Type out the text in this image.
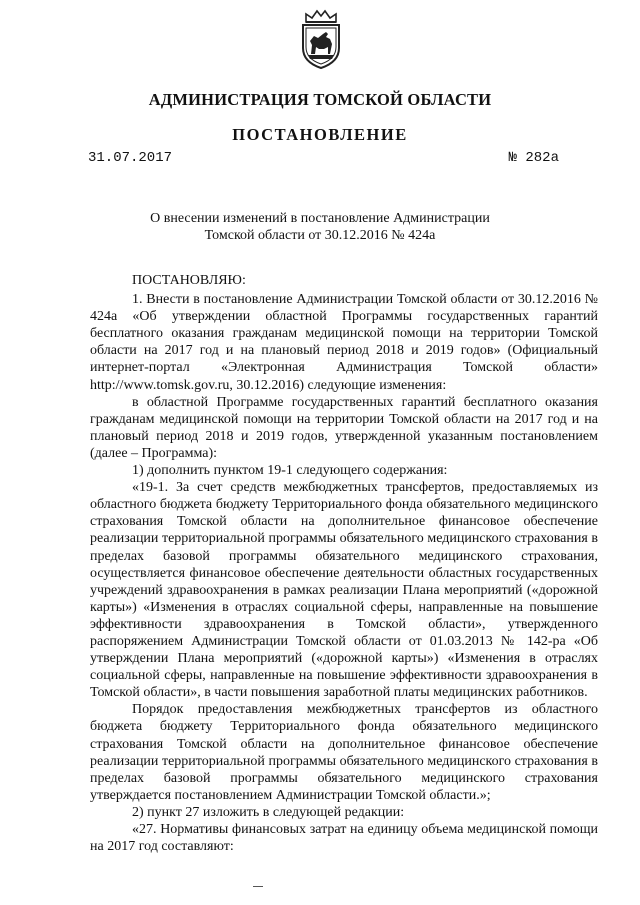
АДМИНИСТРАЦИЯ ТОМСКОЙ ОБЛАСТИ
ПОСТАНОВЛЕНИЕ
31.07.2017	№ 282а
О внесении изменений в постановление Администрации
Томской области от 30.12.2016 № 424а

ПОСТАНОВЛЯЮ:

1. Внести в постановление Администрации Томской области от 30.12.2016 № 424а «Об утверждении областной Программы государственных гарантий бесплатного оказания гражданам медицинской помощи на территории Томской области на 2017 год и на плановый период 2018 и 2019 годов» (Официальный интернет-портал «Электронная Администрация Томской области» http://www.tomsk.gov.ru, 30.12.2016) следующие изменения:

в областной Программе государственных гарантий бесплатного оказания гражданам медицинской помощи на территории Томской области на 2017 год и на плановый период 2018 и 2019 годов, утвержденной указанным постановлением (далее – Программа):

1) дополнить пунктом 19-1 следующего содержания:

«19-1. За счет средств межбюджетных трансфертов, предоставляемых из областного бюджета бюджету Территориального фонда обязательного медицинского страхования Томской области на дополнительное финансовое обеспечение реализации территориальной программы обязательного медицинского страхования в пределах базовой программы обязательного медицинского страхования, осуществляется финансовое обеспечение деятельности областных государственных учреждений здравоохранения в рамках реализации Плана мероприятий («дорожной карты») «Изменения в отраслях социальной сферы, направленные на повышение эффективности здравоохранения в Томской области», утвержденного распоряжением Администрации Томской области от 01.03.2013 № 142-ра «Об утверждении Плана мероприятий («дорожной карты») «Изменения в отраслях социальной сферы, направленные на повышение эффективности здравоохранения в Томской области», в части повышения заработной платы медицинских работников.

Порядок предоставления межбюджетных трансфертов из областного бюджета бюджету Территориального фонда обязательного медицинского страхования Томской области на дополнительное финансовое обеспечение реализации территориальной программы обязательного медицинского страхования в пределах базовой программы обязательного медицинского страхования утверждается постановлением Администрации Томской области.»;

2) пункт 27 изложить в следующей редакции:

«27. Нормативы финансовых затрат на единицу объема медицинской помощи на 2017 год составляют:
